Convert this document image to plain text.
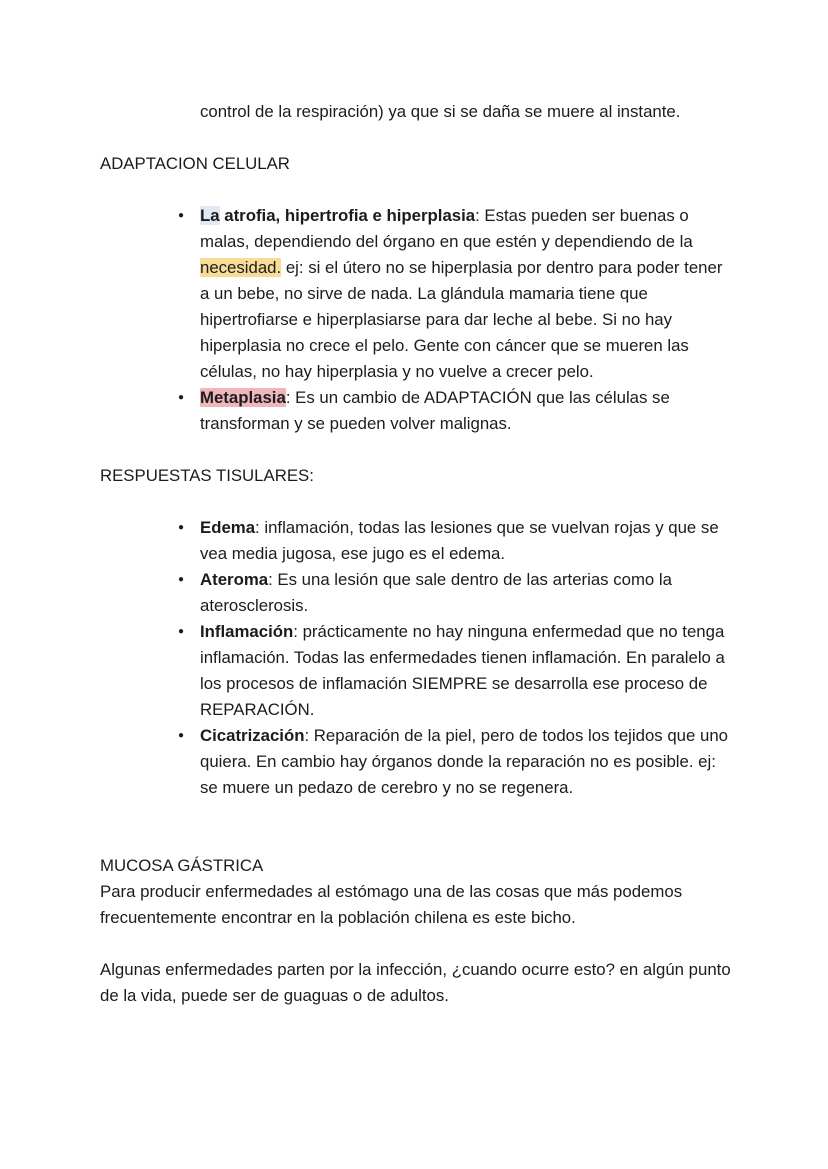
control de la respiración) ya que si se daña se muere al instante.
ADAPTACION CELULAR
● La atrofia, hipertrofia e hiperplasia: Estas pueden ser buenas o malas, dependiendo del órgano en que estén y dependiendo de la necesidad. ej: si el útero no se hiperplasia por dentro para poder tener a un bebe, no sirve de nada. La glándula mamaria tiene que hipertrofiarse e hiperplasiarse para dar leche al bebe. Si no hay hiperplasia no crece el pelo. Gente con cáncer que se mueren las células, no hay hiperplasia y no vuelve a crecer pelo.
● Metaplasia: Es un cambio de ADAPTACIÓN que las células se transforman y se pueden volver malignas.
RESPUESTAS TISULARES:
● Edema: inflamación, todas las lesiones que se vuelvan rojas y que se vea media jugosa, ese jugo es el edema.
● Ateroma: Es una lesión que sale dentro de las arterias como la aterosclerosis.
● Inflamación: prácticamente no hay ninguna enfermedad que no tenga inflamación. Todas las enfermedades tienen inflamación. En paralelo a los procesos de inflamación SIEMPRE se desarrolla ese proceso de REPARACIÓN.
● Cicatrización: Reparación de la piel, pero de todos los tejidos que uno quiera. En cambio hay órganos donde la reparación no es posible. ej: se muere un pedazo de cerebro y no se regenera.
MUCOSA GÁSTRICA
Para producir enfermedades al estómago una de las cosas que más podemos frecuentemente encontrar en la población chilena es este bicho.
Algunas enfermedades parten por la infección, ¿cuando ocurre esto? en algún punto de la vida, puede ser de guaguas o de adultos.
